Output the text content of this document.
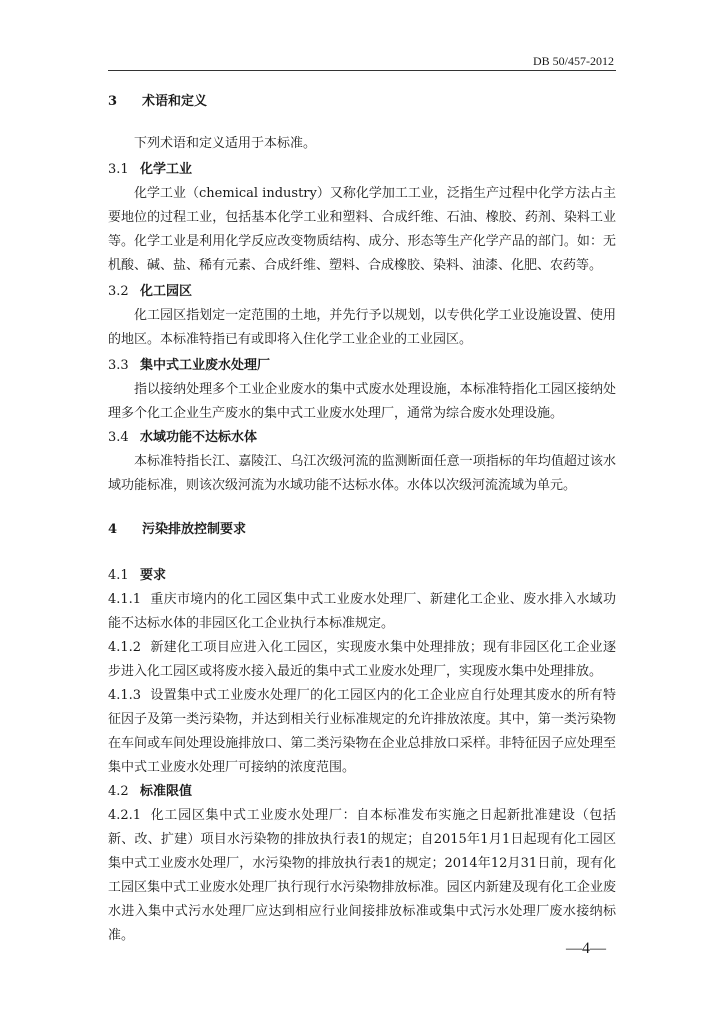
DB 50/457-2012
3 术语和定义
下列术语和定义适用于本标准。
3.1 化学工业
化学工业（chemical industry）又称化学加工工业，泛指生产过程中化学方法占主要地位的过程工业，包括基本化学工业和塑料、合成纤维、石油、橡胶、药剂、染料工业等。化学工业是利用化学反应改变物质结构、成分、形态等生产化学产品的部门。如：无机酸、碱、盐、稀有元素、合成纤维、塑料、合成橡胶、染料、油漆、化肥、农药等。
3.2 化工园区
化工园区指划定一定范围的土地，并先行予以规划，以专供化学工业设施设置、使用的地区。本标准特指已有或即将入住化学工业企业的工业园区。
3.3 集中式工业废水处理厂
指以接纳处理多个工业企业废水的集中式废水处理设施，本标准特指化工园区接纳处理多个化工企业生产废水的集中式工业废水处理厂，通常为综合废水处理设施。
3.4 水域功能不达标水体
本标准特指长江、嘉陵江、乌江次级河流的监测断面任意一项指标的年均值超过该水域功能标准，则该次级河流为水域功能不达标水体。水体以次级河流流域为单元。
4 污染排放控制要求
4.1 要求
4.1.1 重庆市境内的化工园区集中式工业废水处理厂、新建化工企业、废水排入水域功能不达标水体的非园区化工企业执行本标准规定。
4.1.2 新建化工项目应进入化工园区，实现废水集中处理排放；现有非园区化工企业逐步进入化工园区或将废水接入最近的集中式工业废水处理厂，实现废水集中处理排放。
4.1.3 设置集中式工业废水处理厂的化工园区内的化工企业应自行处理其废水的所有特征因子及第一类污染物，并达到相关行业标准规定的允许排放浓度。其中，第一类污染物在车间或车间处理设施排放口、第二类污染物在企业总排放口采样。非特征因子应处理至集中式工业废水处理厂可接纳的浓度范围。
4.2 标准限值
4.2.1 化工园区集中式工业废水处理厂：自本标准发布实施之日起新批准建设（包括新、改、扩建）项目水污染物的排放执行表1的规定；自2015年1月1日起现有化工园区集中式工业废水处理厂，水污染物的排放执行表1的规定；2014年12月31日前，现有化工园区集中式工业废水处理厂执行现行水污染物排放标准。园区内新建及现有化工企业废水进入集中式污水处理厂应达到相应行业间接排放标准或集中式污水处理厂废水接纳标准。
—4—
